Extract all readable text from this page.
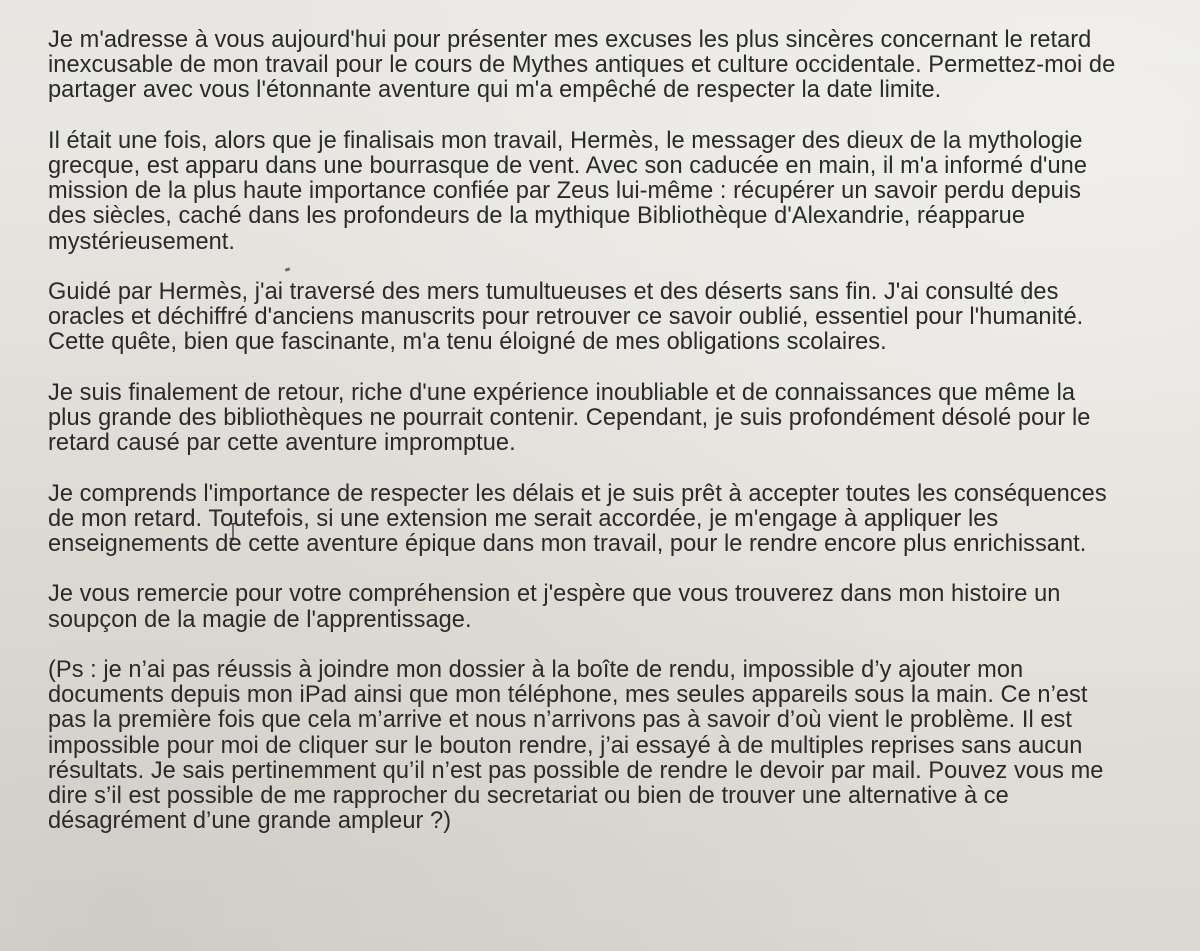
Je m'adresse à vous aujourd'hui pour présenter mes excuses les plus sincères concernant le retard
inexcusable de mon travail pour le cours de Mythes antiques et culture occidentale. Permettez-moi de
partager avec vous l'étonnante aventure qui m'a empêché de respecter la date limite.

Il était une fois, alors que je finalisais mon travail, Hermès, le messager des dieux de la mythologie
grecque, est apparu dans une bourrasque de vent. Avec son caducée en main, il m'a informé d'une
mission de la plus haute importance confiée par Zeus lui-même : récupérer un savoir perdu depuis
des siècles, caché dans les profondeurs de la mythique Bibliothèque d'Alexandrie, réapparue
mystérieusement.

Guidé par Hermès, j'ai traversé des mers tumultueuses et des déserts sans fin. J'ai consulté des
oracles et déchiffré d'anciens manuscrits pour retrouver ce savoir oublié, essentiel pour l'humanité.
Cette quête, bien que fascinante, m'a tenu éloigné de mes obligations scolaires.

Je suis finalement de retour, riche d'une expérience inoubliable et de connaissances que même la
plus grande des bibliothèques ne pourrait contenir. Cependant, je suis profondément désolé pour le
retard causé par cette aventure impromptue.

Je comprends l'importance de respecter les délais et je suis prêt à accepter toutes les conséquences
de mon retard. Toutefois, si une extension me serait accordée, je m'engage à appliquer les
enseignements de cette aventure épique dans mon travail, pour le rendre encore plus enrichissant.

Je vous remercie pour votre compréhension et j'espère que vous trouverez dans mon histoire un
soupçon de la magie de l'apprentissage.

(Ps : je n’ai pas réussis à joindre mon dossier à la boîte de rendu, impossible d’y ajouter mon
documents depuis mon iPad ainsi que mon téléphone, mes seules appareils sous la main. Ce n’est
pas la première fois que cela m’arrive et nous n’arrivons pas à savoir d’où vient le problème. Il est
impossible pour moi de cliquer sur le bouton rendre, j’ai essayé à de multiples reprises sans aucun
résultats. Je sais pertinemment qu’il n’est pas possible de rendre le devoir par mail. Pouvez vous me
dire s’il est possible de me rapprocher du secretariat ou bien de trouver une alternative à ce
désagrément d’une grande ampleur ?)
